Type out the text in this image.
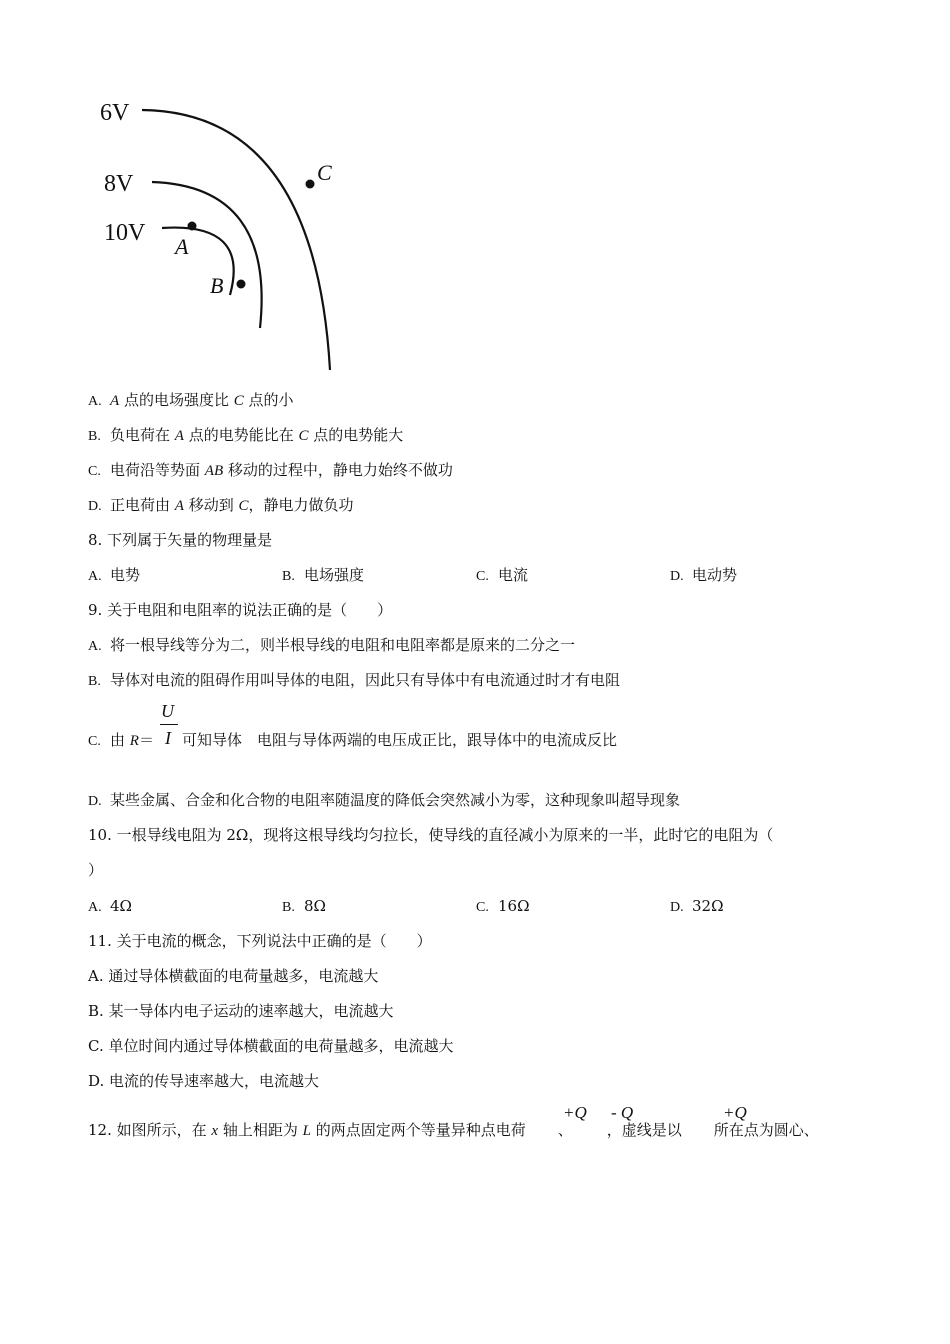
6V
8V
10V
A
B
C
A. A 点的电场强度比 C 点的小
B. 负电荷在 A 点的电势能比在 C 点的电势能大
C. 电荷沿等势面 AB 移动的过程中，静电力始终不做功
D. 正电荷由 A 移动到 C，静电力做负功
8. 下列属于矢量的物理量是
A. 电势	B. 电场强度	C. 电流	D. 电动势
9. 关于电阻和电阻率的说法正确的是（　　）
A. 将一根导线等分为二，则半根导线的电阻和电阻率都是原来的二分之一
B. 导体对电流的阻碍作用叫导体的电阻，因此只有导体中有电流通过时才有电阻
C. 由 R＝ 可知导体　电阻与导体两端的电压成正比，跟导体中的电流成反比
U
I
D. 某些金属、合金和化合物的电阻率随温度的降低会突然减小为零，这种现象叫超导现象
10. 一根导线电阻为 2Ω，现将这根导线均匀拉长，使导线的直径减小为原来的一半，此时它的电阻为（
）
A. 4Ω	B. 8Ω	C. 16Ω	D. 32Ω
11. 关于电流的概念，下列说法中正确的是（　　）
A. 通过导体横截面的电荷量越多，电流越大
B. 某一导体内电子运动的速率越大，电流越大
C. 单位时间内通过导体横截面的电荷量越多，电流越大
D. 电流的传导速率越大，电流越大
12. 如图所示，在 x 轴上相距为 L 的两点固定两个等量异种点电荷 、 ，虚线是以 所在点为圆心、
+Q - Q	+Q
